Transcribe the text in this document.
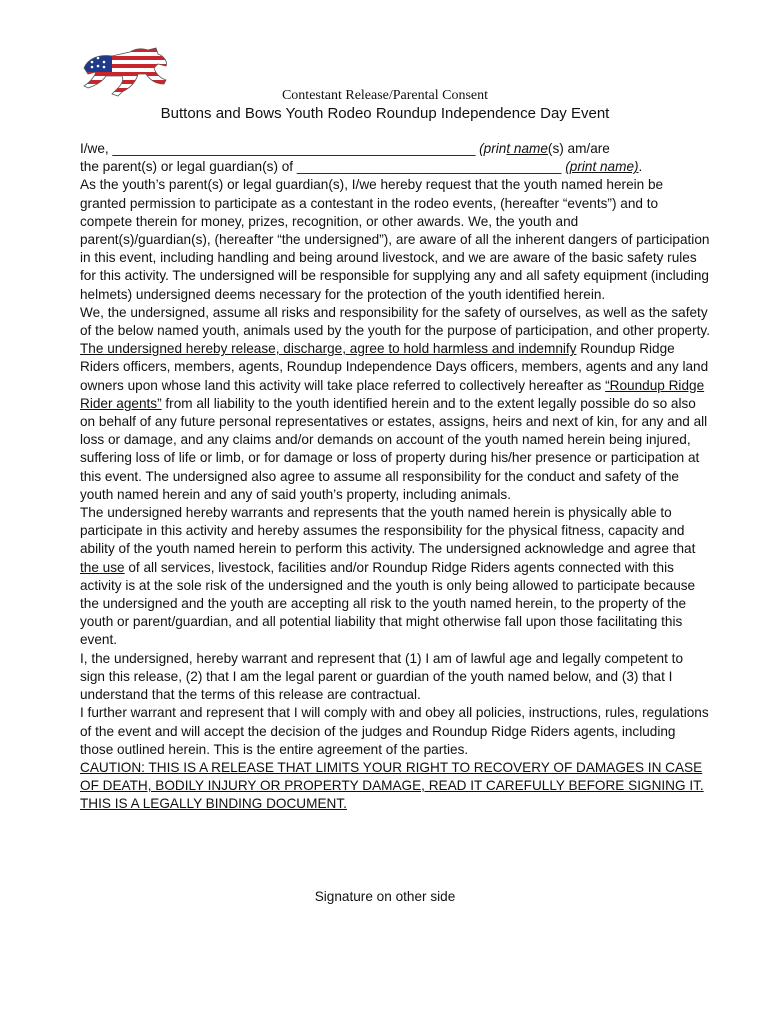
Contestant Release/Parental Consent
Buttons and Bows Youth Rodeo Roundup Independence Day Event

I/we, ________________________________________________ (print name(s) am/are

the parent(s) or legal guardian(s) of ___________________________________ (print name).

As the youth’s parent(s) or legal guardian(s), I/we hereby request that the youth named herein be granted permission to participate as a contestant in the rodeo events, (hereafter “events”) and to compete therein for money, prizes, recognition, or other awards. We, the youth and parent(s)/guardian(s), (hereafter “the undersigned”), are aware of all the inherent dangers of participation in this event, including handling and being around livestock, and we are aware of the basic safety rules for this activity. The undersigned will be responsible for supplying any and all safety equipment (including helmets) undersigned deems necessary for the protection of the youth identified herein.

We, the undersigned, assume all risks and responsibility for the safety of ourselves, as well as the safety of the below named youth, animals used by the youth for the purpose of participation, and other property.

The undersigned hereby release, discharge, agree to hold harmless and indemnify Roundup Ridge Riders officers, members, agents, Roundup Independence Days officers, members, agents and any land owners upon whose land this activity will take place referred to collectively hereafter as “Roundup Ridge Rider agents” from all liability to the youth identified herein and to the extent legally possible do so also on behalf of any future personal representatives or estates, assigns, heirs and next of kin, for any and all loss or damage, and any claims and/or demands on account of the youth named herein being injured, suffering loss of life or limb, or for damage or loss of property during his/her presence or participation at this event. The undersigned also agree to assume all responsibility for the conduct and safety of the youth named herein and any of said youth’s property, including animals.

The undersigned hereby warrants and represents that the youth named herein is physically able to participate in this activity and hereby assumes the responsibility for the physical fitness, capacity and ability of the youth named herein to perform this activity. The undersigned acknowledge and agree that the use of all services, livestock, facilities and/or Roundup Ridge Riders agents connected with this activity is at the sole risk of the undersigned and the youth is only being allowed to participate because the undersigned and the youth are accepting all risk to the youth named herein, to the property of the youth or parent/guardian, and all potential liability that might otherwise fall upon those facilitating this event.

I, the undersigned, hereby warrant and represent that (1) I am of lawful age and legally competent to sign this release, (2) that I am the legal parent or guardian of the youth named below, and (3) that I understand that the terms of this release are contractual.

I further warrant and represent that I will comply with and obey all policies, instructions, rules, regulations of the event and will accept the decision of the judges and Roundup Ridge Riders agents, including those outlined herein. This is the entire agreement of the parties.

CAUTION: THIS IS A RELEASE THAT LIMITS YOUR RIGHT TO RECOVERY OF DAMAGES IN CASE OF DEATH, BODILY INJURY OR PROPERTY DAMAGE, READ IT CAREFULLY BEFORE SIGNING IT. THIS IS A LEGALLY BINDING DOCUMENT.

Signature on other side
